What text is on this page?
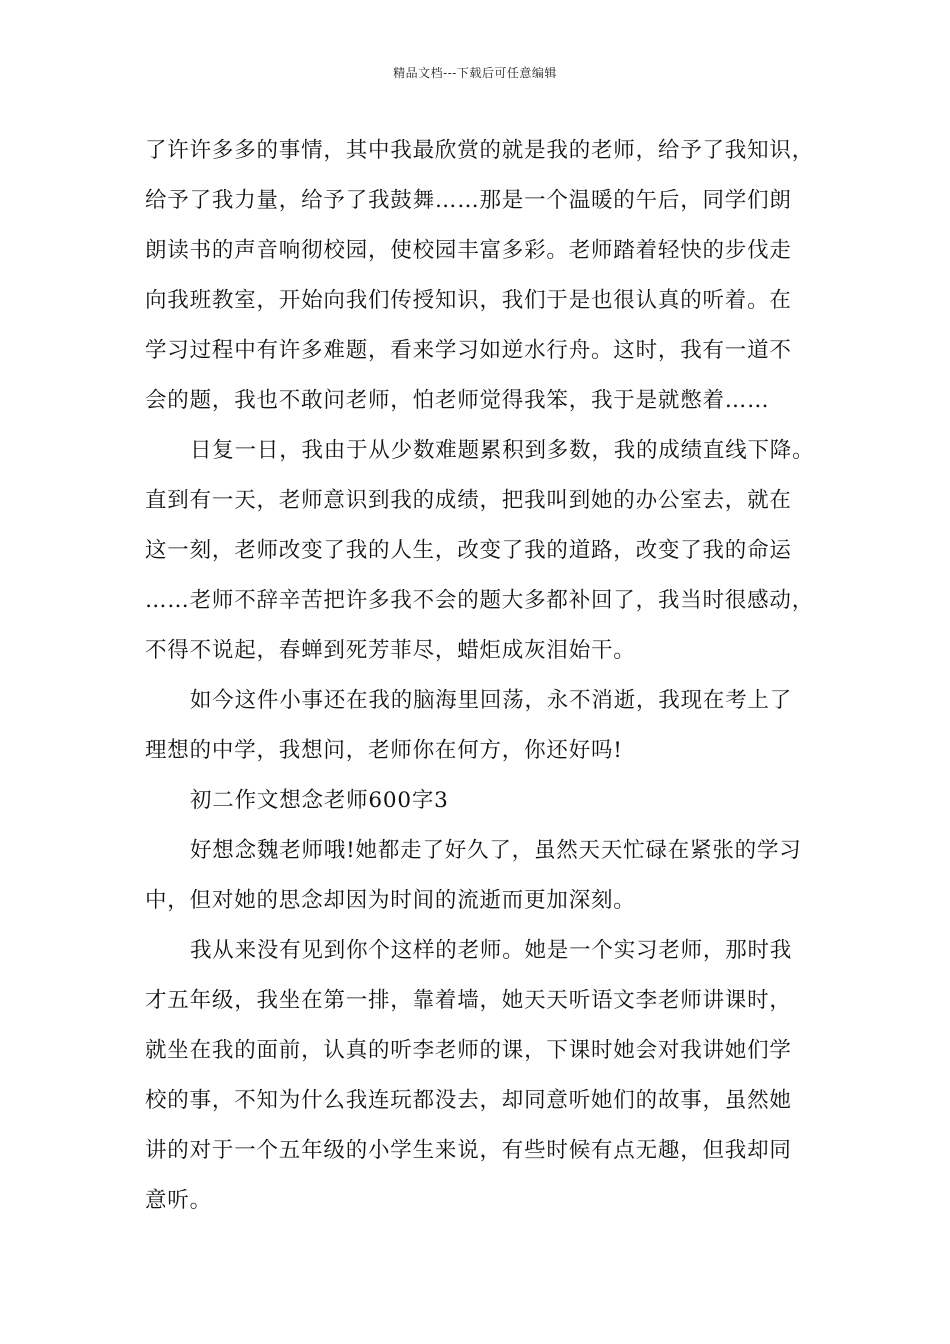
精品文档---下载后可任意编辑
了许许多多的事情，其中我最欣赏的就是我的老师，给予了我知识，
给予了我力量，给予了我鼓舞……那是一个温暖的午后，同学们朗
朗读书的声音响彻校园，使校园丰富多彩。老师踏着轻快的步伐走
向我班教室，开始向我们传授知识，我们于是也很认真的听着。在
学习过程中有许多难题，看来学习如逆水行舟。这时，我有一道不
会的题，我也不敢问老师，怕老师觉得我笨，我于是就憋着……
日复一日，我由于从少数难题累积到多数，我的成绩直线下降。
直到有一天，老师意识到我的成绩，把我叫到她的办公室去，就在
这一刻，老师改变了我的人生，改变了我的道路，改变了我的命运
……老师不辞辛苦把许多我不会的题大多都补回了，我当时很感动，
不得不说起，春蝉到死芳菲尽，蜡炬成灰泪始干。
如今这件小事还在我的脑海里回荡，永不消逝，我现在考上了
理想的中学，我想问，老师你在何方，你还好吗!
初二作文想念老师600字3
好想念魏老师哦!她都走了好久了，虽然天天忙碌在紧张的学习
中，但对她的思念却因为时间的流逝而更加深刻。
我从来没有见到你个这样的老师。她是一个实习老师，那时我
才五年级，我坐在第一排，靠着墙，她天天听语文李老师讲课时，
就坐在我的面前，认真的听李老师的课，下课时她会对我讲她们学
校的事，不知为什么我连玩都没去，却同意听她们的故事，虽然她
讲的对于一个五年级的小学生来说，有些时候有点无趣，但我却同
意听。
